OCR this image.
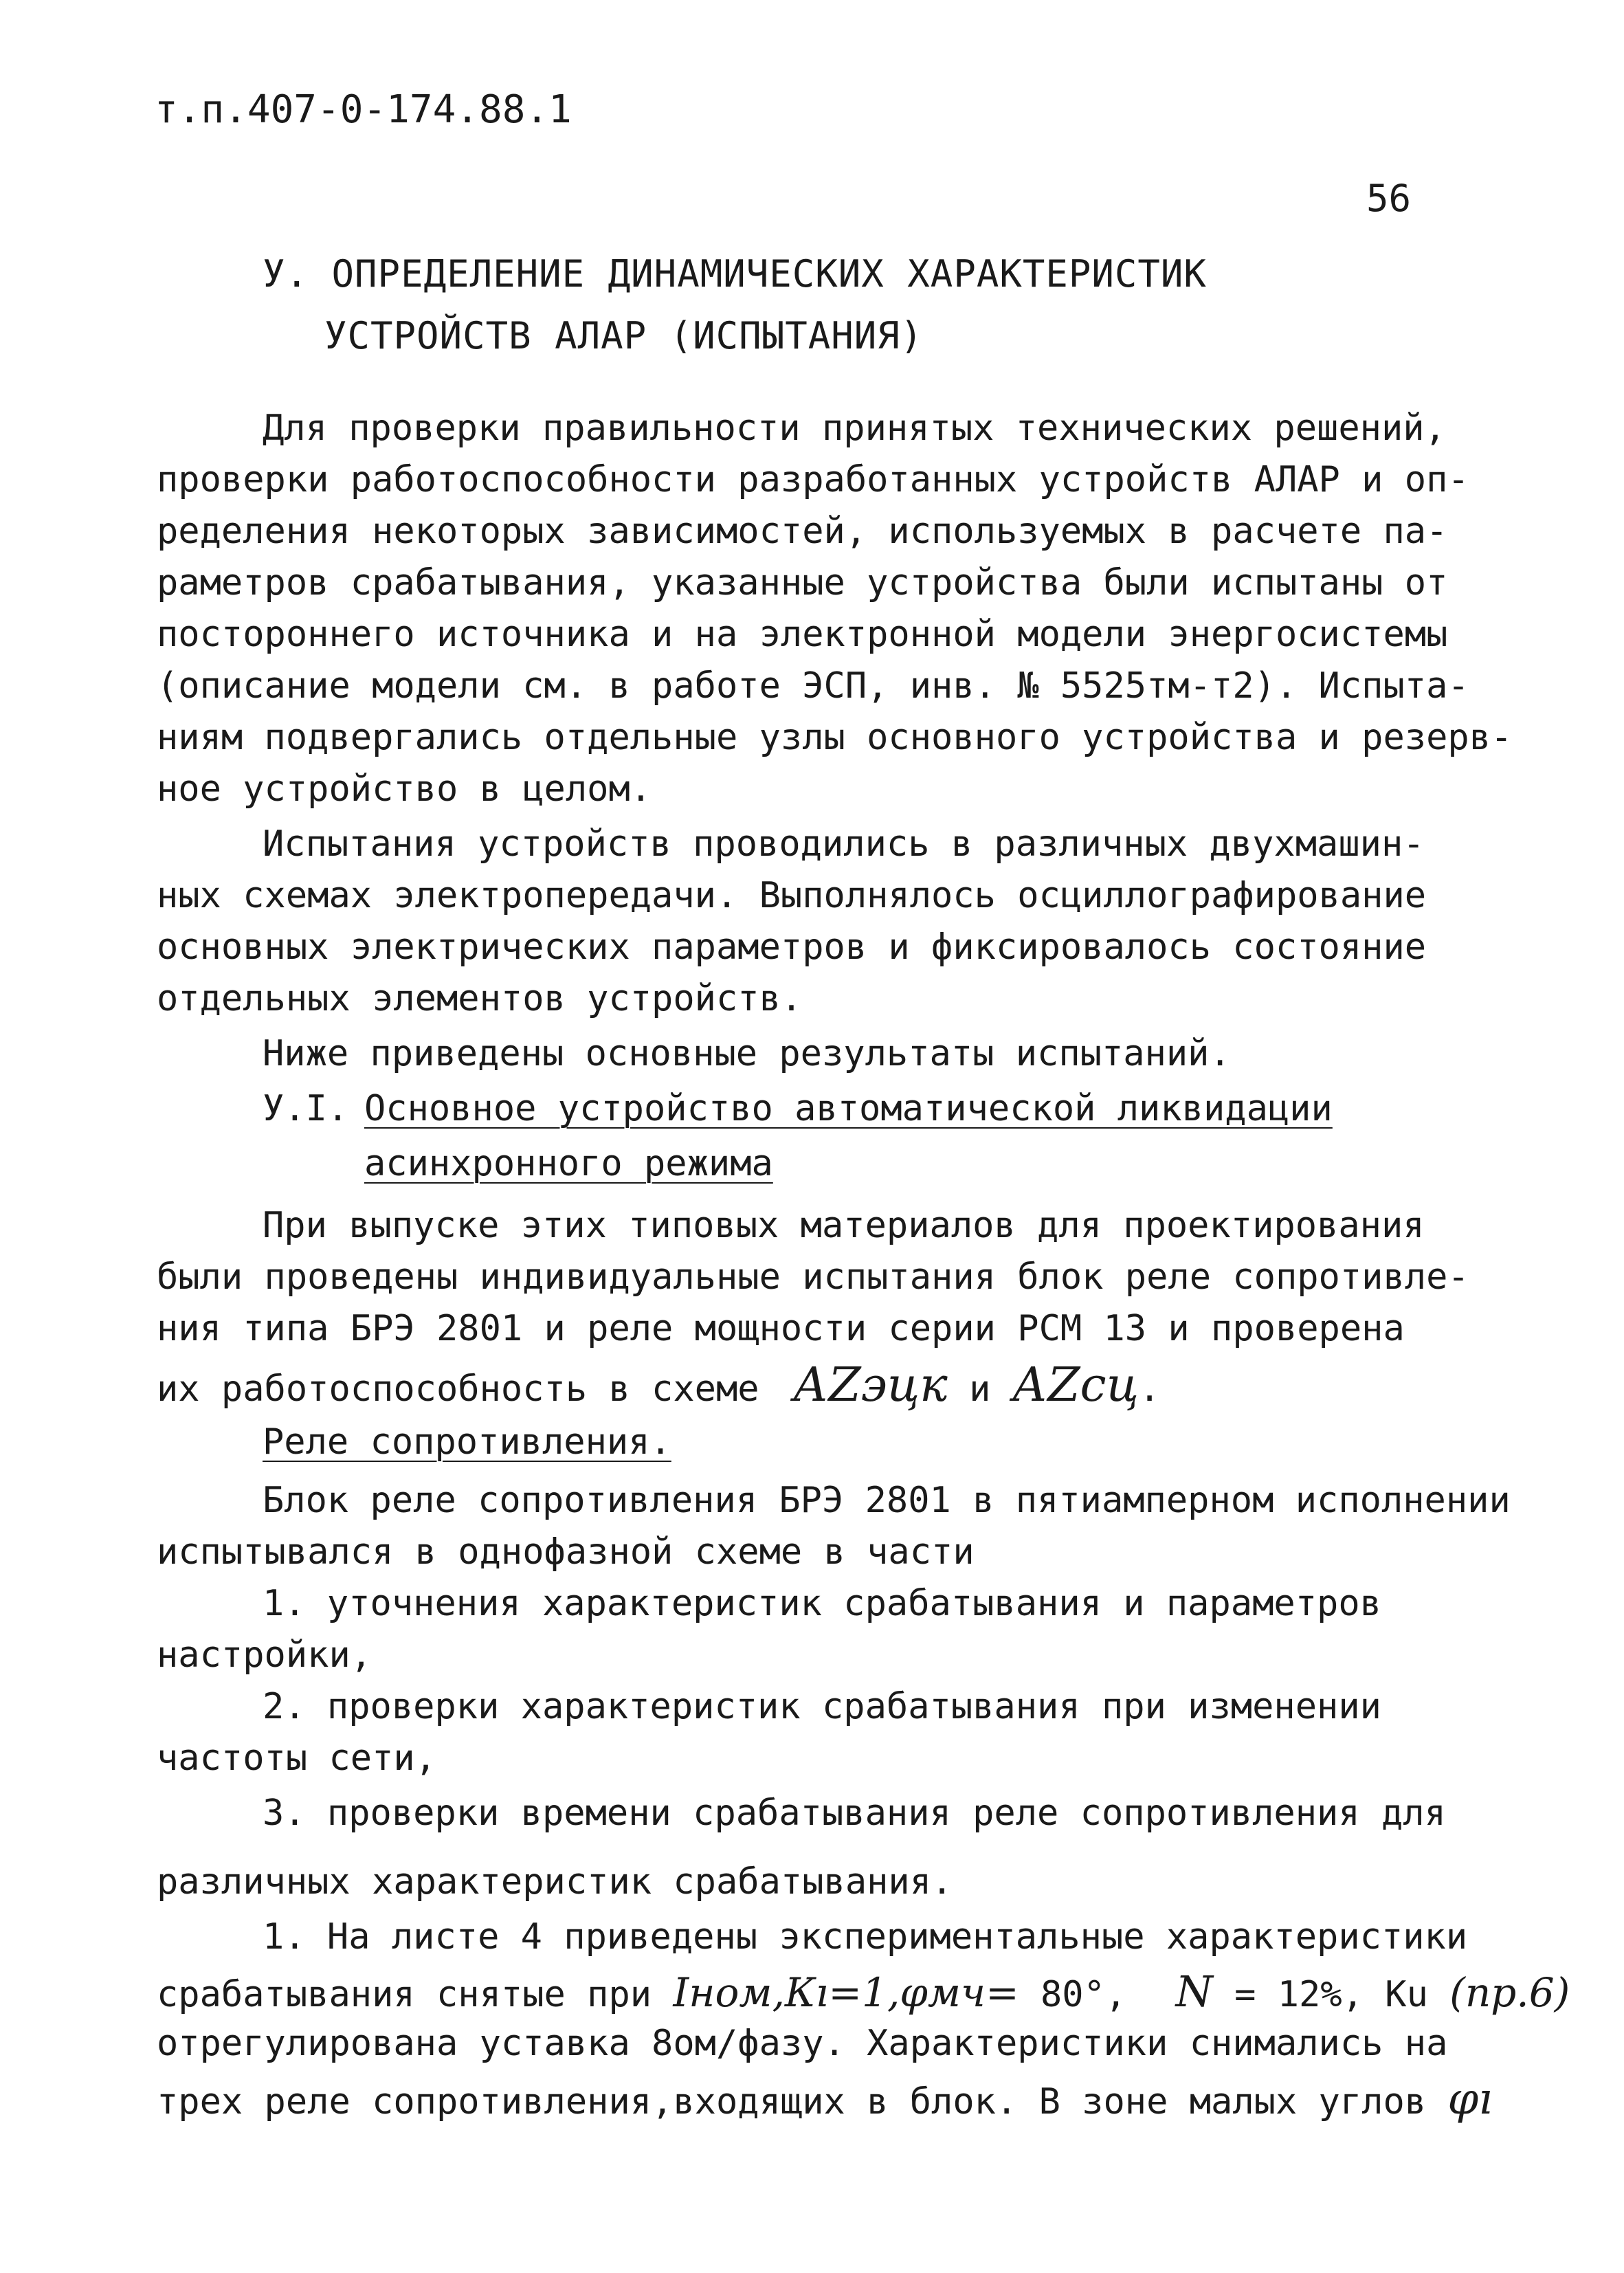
т.п.407-0-174.88.1
56
У. ОПРЕДЕЛЕНИЕ ДИНАМИЧЕСКИХ ХАРАКТЕРИСТИК
УСТРОЙСТВ АЛАР (ИСПЫТАНИЯ)
Для проверки правильности принятых технических решений,
проверки работоспособности разработанных устройств АЛАР и оп-
ределения некоторых зависимостей, используемых в расчете па-
раметров срабатывания, указанные устройства были испытаны от
постороннего источника и на электронной модели энергосистемы
(описание модели см. в работе ЭСП, инв. № 5525тм-т2). Испыта-
ниям подвергались отдельные узлы основного устройства и резерв-
ное устройство в целом.
Испытания устройств проводились в различных двухмашин-
ных схемах электропередачи. Выполнялось осциллографирование
основных электрических параметров и фиксировалось состояние
отдельных элементов устройств.
Ниже приведены основные результаты испытаний.
У.I. Основное устройство автоматической ликвидации
асинхронного режима
При выпуске этих типовых материалов для проектирования
были проведены индивидуальные испытания блок реле сопротивле-
ния типа БРЭ 2801 и реле мощности серии РСМ 13 и проверена
их работоспособность в схеме АZэцк и АZсц.
Реле сопротивления.
Блок реле сопротивления БРЭ 2801 в пятиамперном исполнении
испытывался в однофазной схеме в части
1. уточнения характеристик срабатывания и параметров
настройки,
2. проверки характеристик срабатывания при изменении
частоты сети,
3. проверки времени срабатывания реле сопротивления для
различных характеристик срабатывания.
1. На листе 4 приведены экспериментальные характеристики
срабатывания снятые при Iном,Кı=1,φмч= 80°, N = 12%, Ku (пр.6)
отрегулирована уставка 8ом/фазу. Характеристики снимались на
трех реле сопротивления,входящих в блок. В зоне малых углов φı
